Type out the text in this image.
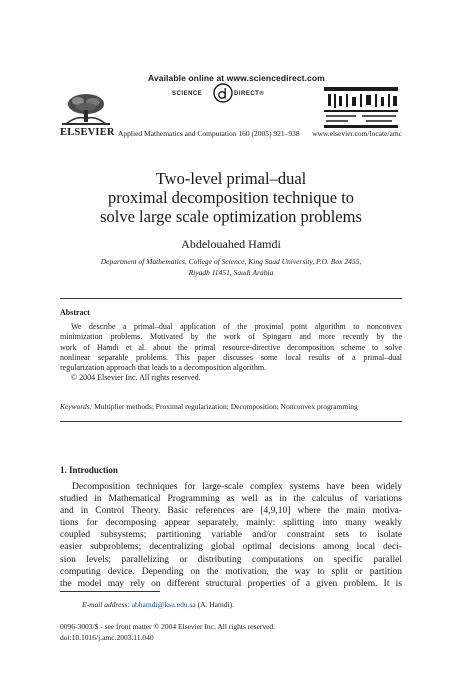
Available online at www.sciencedirect.com
SCIENCE	DIRECT®
ELSEVIER Applied Mathematics and Computation 160 (2005) 921–938	www.elsevier.com/locate/amc
Two-level primal–dual
proximal decomposition technique to
solve large scale optimization problems
Abdelouahed Hamdi
Department of Mathematics, College of Science, King Saud University, P.O. Box 2455,
Riyadh 11451, Saudi Arabia
Abstract
We describe a primal–dual application of the proximal point algorithm to nonconvex
minimization problems. Motivated by the work of Spingarn and more recently by the
work of Hamdi et al. about the primal resource-directive decomposition scheme to solve
nonlinear separable problems. This paper discusses some local results of a primal–dual
regularization approach that leads to a decomposition algorithm.
© 2004 Elsevier Inc. All rights reserved.
Keywords: Multiplier methods; Proximal regularization; Decomposition; Nonconvex programming
1. Introduction
Decomposition techniques for large-scale complex systems have been widely
studied in Mathematical Programming as well as in the calculus of variations
and in Control Theory. Basic references are [4,9,10] where the main motiva-
tions for decomposing appear separately, mainly: splitting into many weakly
coupled subsystems; partitioning variable and/or constraint sets to isolate
easier subproblems; decentralizing global optimal decisions among local deci-
sion levels; parallelizing or distributing computations on specific parallel
computing device. Depending on the motivation, the way to split or partition
the model may rely on different structural properties of a given problem. It is
E-mail address: abhamdi@ksu.edu.sa (A. Hamdi).
0096-3003/$ - see front matter © 2004 Elsevier Inc. All rights reserved.
doi:10.1016/j.amc.2003.11.040
